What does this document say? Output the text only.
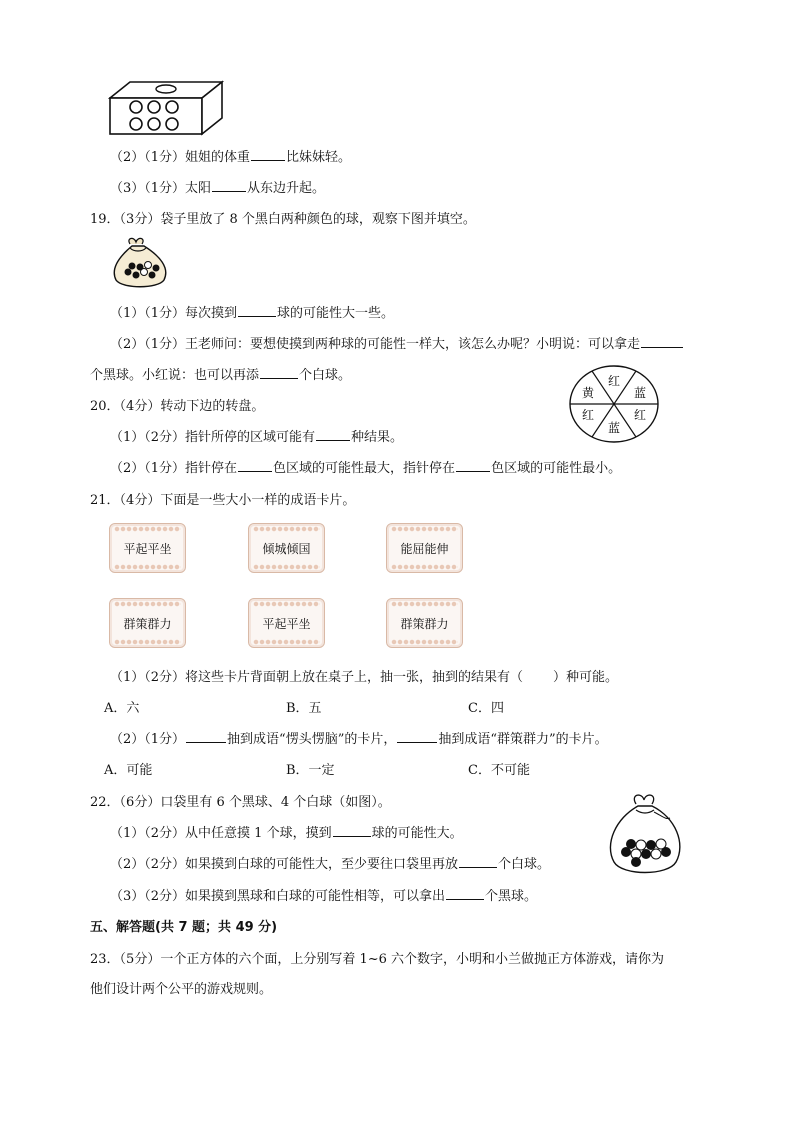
（2）（1分）姐姐的体重	比妹妹轻。
（3）（1分）太阳	从东边升起。
19．（3分）袋子里放了 8 个黑白两种颜色的球，观察下图并填空。
（1）（1分）每次摸到	球的可能性大一些。
（2）（1分）王老师问：要想使摸到两种球的可能性一样大，该怎么办呢？小明说：可以拿走
个黑球。小红说：也可以再添	个白球。
20．（4分）转动下边的转盘。
红
蓝
红
蓝
红
黄
（1）（2分）指针所停的区域可能有	种结果。
（2）（1分）指针停在	色区域的可能性最大，指针停在	色区域的可能性最小。
21．（4分）下面是一些大小一样的成语卡片。
平起平坐	倾城倾国	能屈能伸
群策群力	平起平坐	群策群力
（1）（2分）将这些卡片背面朝上放在桌子上，抽一张，抽到的结果有（ ）种可能。
A．六	B．五	C．四
（2）（1分）	抽到成语“愣头愣脑”的卡片，	抽到成语“群策群力”的卡片。
A．可能	B．一定	C．不可能
22．（6分）口袋里有 6 个黑球、4 个白球（如图）。
（1）（2分）从中任意摸 1 个球，摸到	球的可能性大。
（2）（2分）如果摸到白球的可能性大，至少要往口袋里再放	个白球。
（3）（2分）如果摸到黑球和白球的可能性相等，可以拿出	个黑球。
五、解答题(共 7 题；共 49 分)
23．（5分）一个正方体的六个面，上分别写着 1~6 六个数字，小明和小兰做抛正方体游戏，请你为
他们设计两个公平的游戏规则。
